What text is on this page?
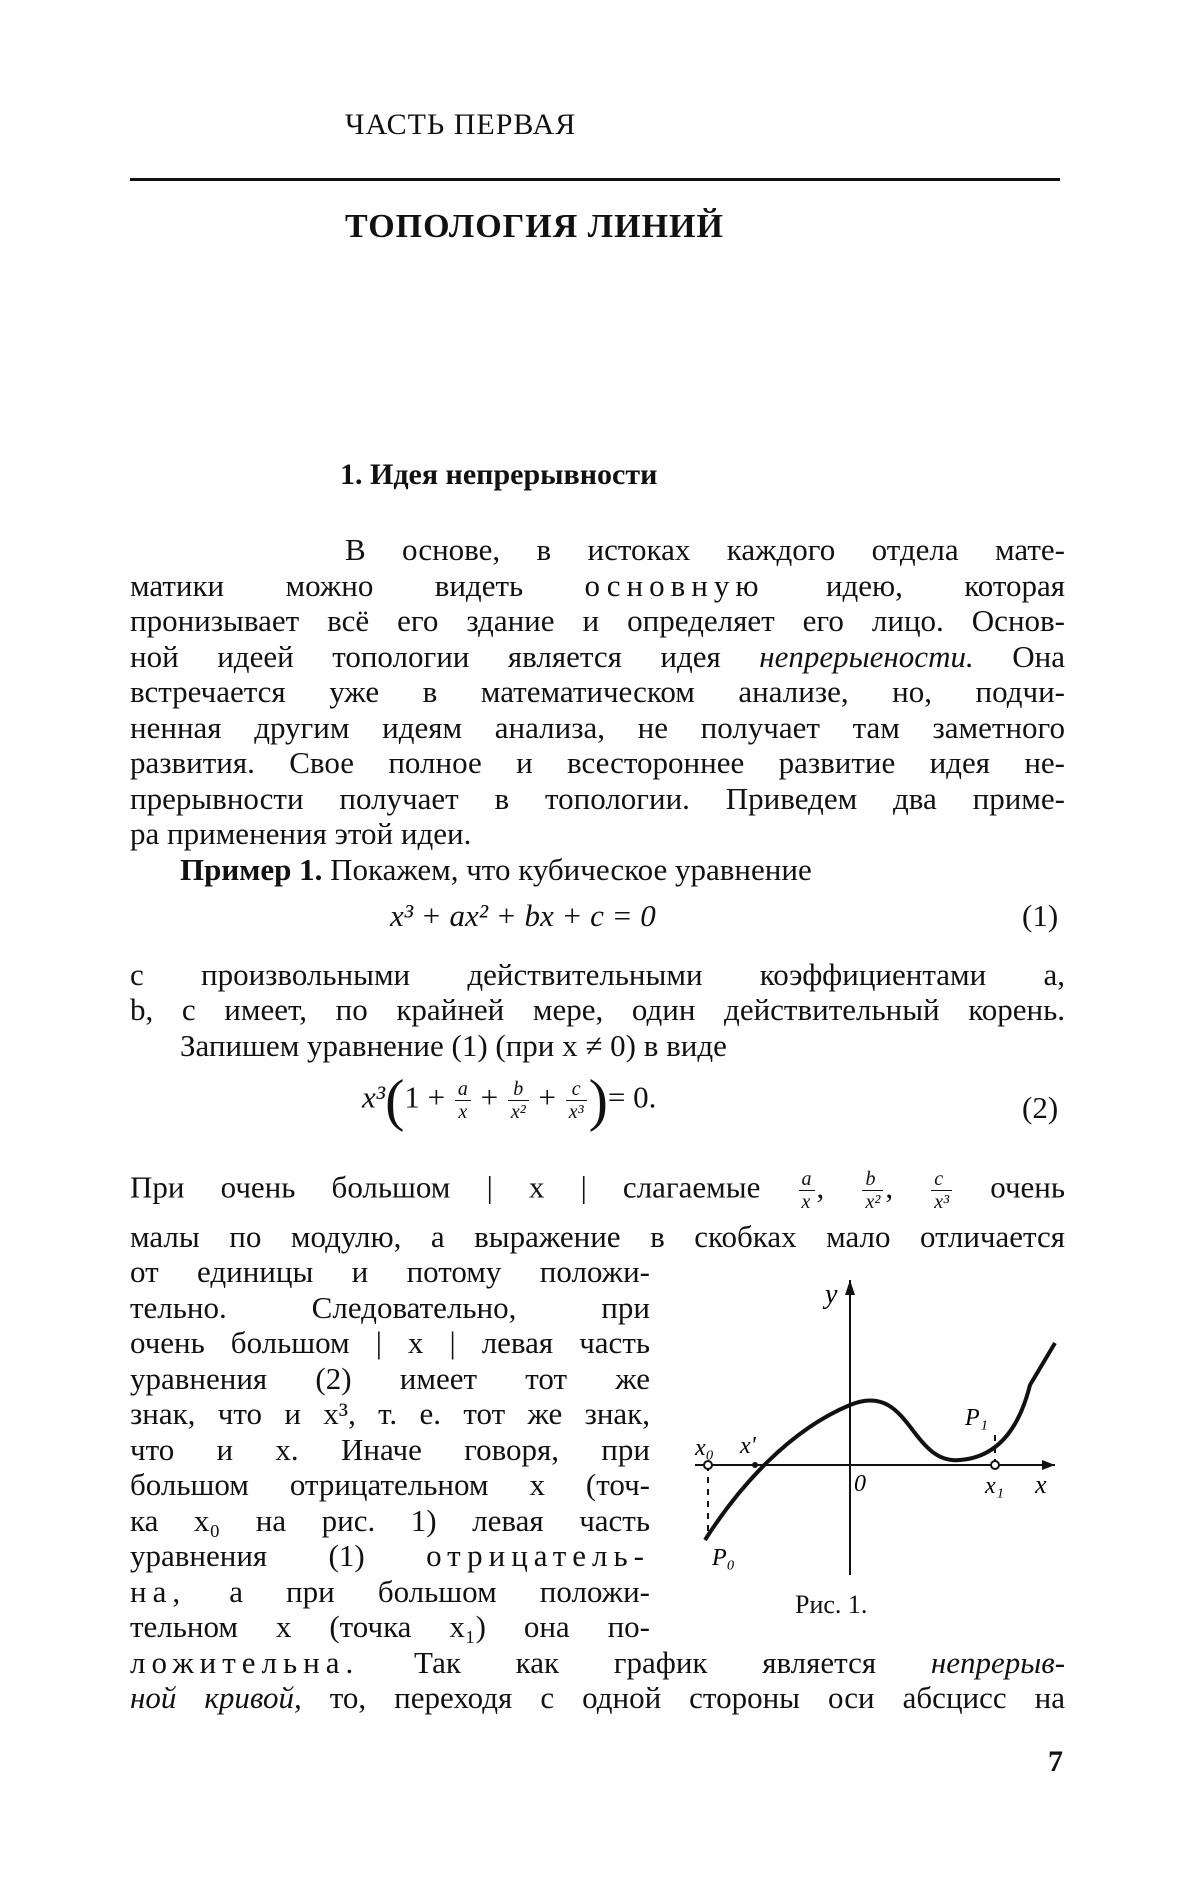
ЧАСТЬ ПЕРВАЯ
ТОПОЛОГИЯ ЛИНИЙ
1. Идея непрерывности
В основе, в истоках каждого отдела мате-
матики можно видеть основную идею, которая
пронизывает всё его здание и определяет его лицо. Основ-
ной идеей топологии является идея непрерыености. Она
встречается уже в математическом анализе, но, подчи-
ненная другим идеям анализа, не получает там заметного
развития. Свое полное и всестороннее развитие идея не-
прерывности получает в топологии. Приведем два приме-
ра применения этой идеи.
Пример 1. Покажем, что кубическое уравнение
x³ + ax² + bx + c = 0	(1)
с произвольными действительными коэффициентами a,
b, c имеет, по крайней мере, один действительный корень.
Запишем уравнение (1) (при x ≠ 0) в виде
x³(1 + a
x + b
x² + c
x³ )= 0.	(2)
При очень большом | x | слагаемые a
x , b
x² , c
x³ очень
малы по модулю, а выражение в скобках мало отличается
от единицы и потому положи-
тельно. Следовательно, при
очень большом | x | левая часть
уравнения (2) имеет тот же
знак, что и x³, т. е. тот же знак,
что и x. Иначе говоря, при
большом отрицательном x (точ-
ка x₀ на рис. 1) левая часть
уравнения (1) отрицатель-
на, а при большом положи-
тельном x (точка x₁) она по-
ложительна. Так как график является непрерыв-
ной кривой, то, переходя с одной стороны оси абсцисс на
y
x
x₀ x'
0	x₁
P₀
P₁
Рис. 1.
7
